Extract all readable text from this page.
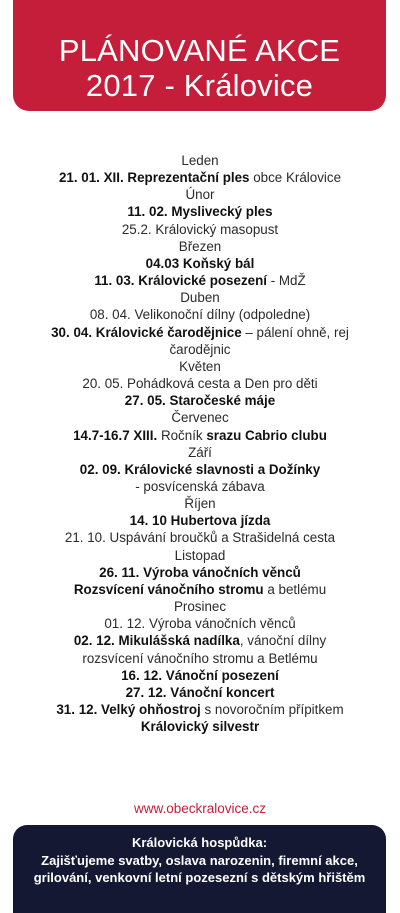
PLÁNOVANÉ AKCE
2017 - Královice
Leden
21. 01. XII. Reprezentační ples obce Královice
Únor
11. 02. Myslivecký ples
25.2. Královický masopust
Březen
04.03 Koňský bál
11. 03. Královické posezení - MdŽ
Duben
08. 04. Velikonoční dílny (odpoledne)
30. 04. Královické čarodějnice – pálení ohně, rej
čarodějnic
Květen
20. 05. Pohádková cesta a Den pro děti
27. 05. Staročeské máje
Červenec
14.7-16.7 XIII. Ročník srazu Cabrio clubu
Září
02. 09. Královické slavnosti a Dožínky
- posvícenská zábava
Říjen
14. 10 Hubertova jízda
21. 10. Uspávání broučků a Strašidelná cesta
Listopad
26. 11. Výroba vánočních věnců
Rozsvícení vánočního stromu a betlému
Prosinec
01. 12. Výroba vánočních věnců
02. 12. Mikulášská nadílka, vánoční dílny
rozsvícení vánočního stromu a Betlému
16. 12. Vánoční posezení
27. 12. Vánoční koncert
31. 12. Velký ohňostroj s novoročním přípitkem
Královický silvestr
www.obeckralovice.cz
Královická hospůdka:
Zajišťujeme svatby, oslava narozenin, firemní akce,
grilování, venkovní letní pozesezní s dětským hřištěm
